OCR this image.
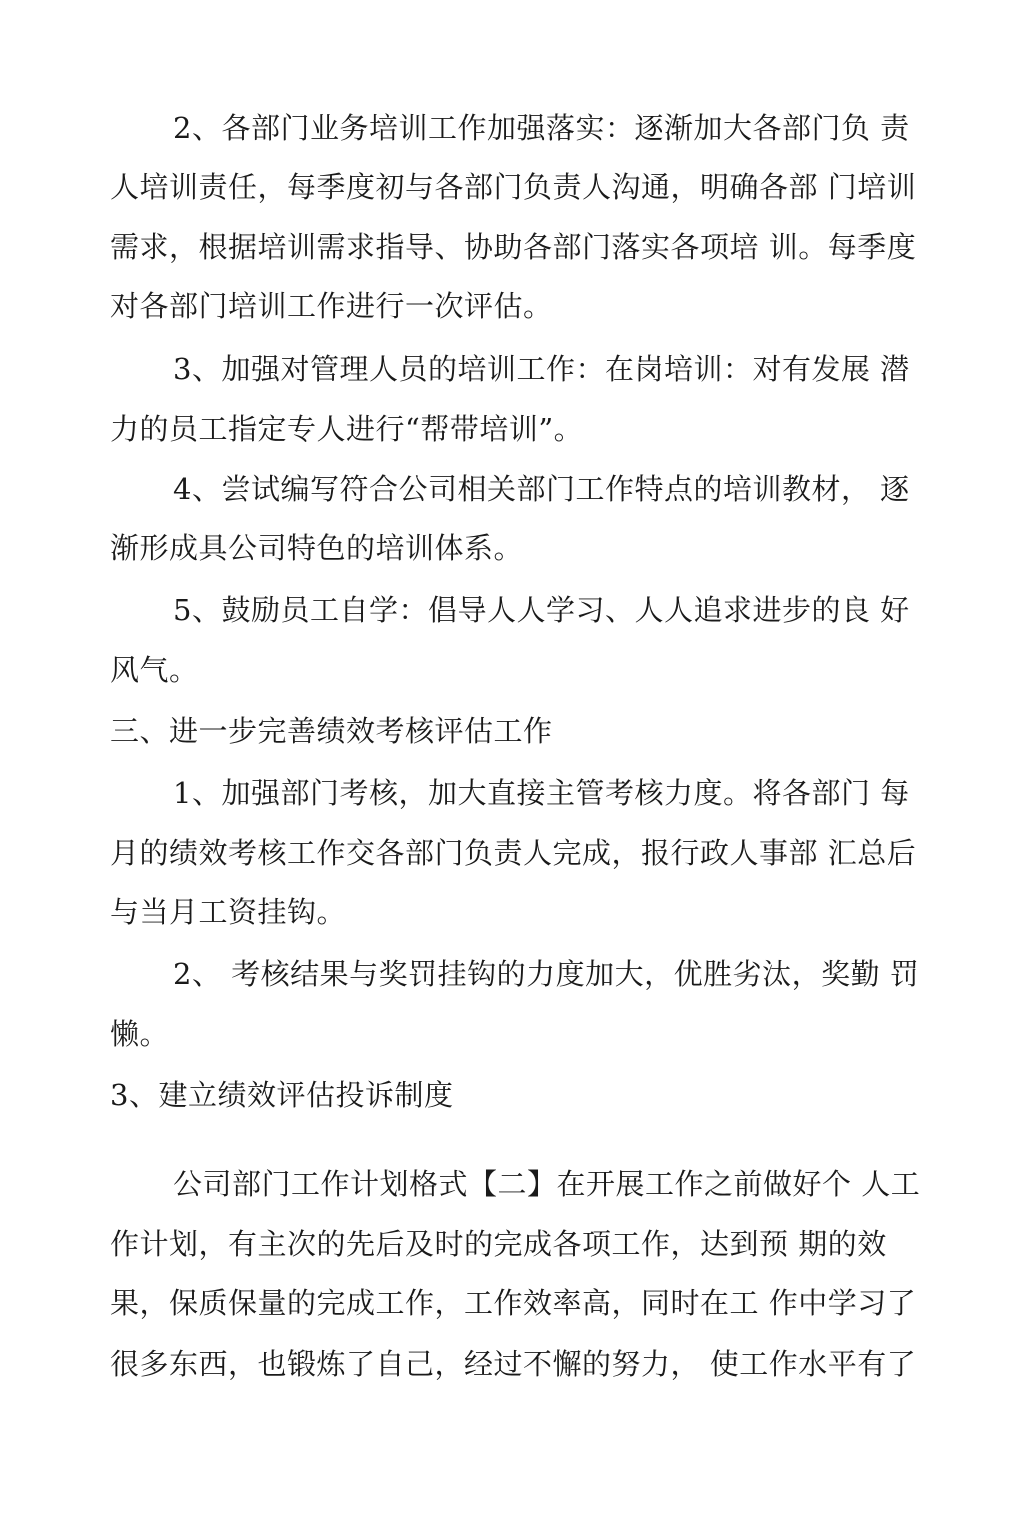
2、各部门业务培训工作加强落实：逐渐加大各部门负 责

人培训责任，每季度初与各部门负责人沟通，明确各部 门培训

需求，根据培训需求指导、协助各部门落实各项培 训。每季度

对各部门培训工作进行一次评估。

3、加强对管理人员的培训工作：在岗培训：对有发展 潜

力的员工指定专人进行“帮带培训”。

4、尝试编写符合公司相关部门工作特点的培训教材， 逐

渐形成具公司特色的培训体系。

5、鼓励员工自学：倡导人人学习、人人追求进步的良 好

风气。

三、进一步完善绩效考核评估工作

1、加强部门考核，加大直接主管考核力度。将各部门 每

月的绩效考核工作交各部门负责人完成，报行政人事部 汇总后

与当月工资挂钩。

2、 考核结果与奖罚挂钩的力度加大，优胜劣汰，奖勤 罚

懒。

3、建立绩效评估投诉制度

公司部门工作计划格式【二】在开展工作之前做好个 人工

作计划，有主次的先后及时的完成各项工作，达到预 期的效

果，保质保量的完成工作，工作效率高，同时在工 作中学习了

很多东西，也锻炼了自己，经过不懈的努力， 使工作水平有了
